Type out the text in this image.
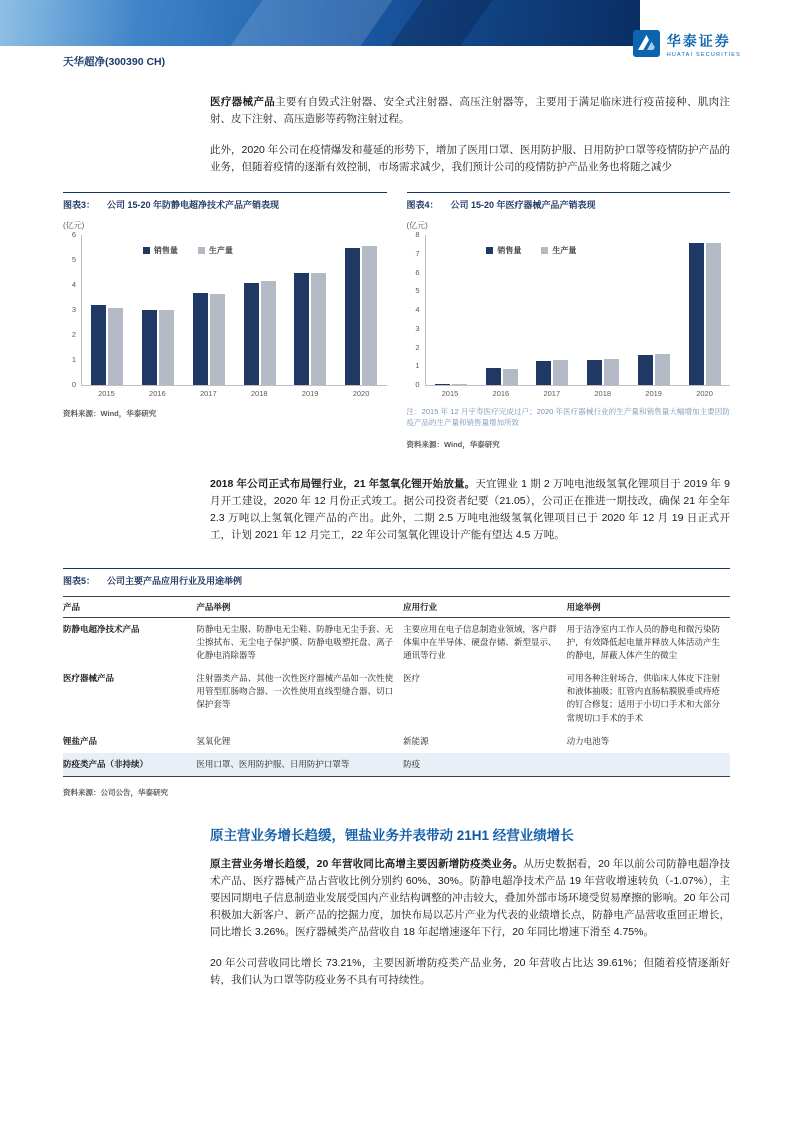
华泰证券
HUATAI SECURITIES
天华超净(300390 CH)

医疗器械产品主要有自毁式注射器、安全式注射器、高压注射器等，主要用于满足临床进行疫苗接种、肌肉注射、皮下注射、高压造影等药物注射过程。

此外，2020 年公司在疫情爆发和蔓延的形势下，增加了医用口罩、医用防护服、日用防护口罩等疫情防护产品的业务，但随着疫情的逐渐有效控制，市场需求减少，我们预计公司的疫情防护产品业务也将随之减少

图表3： 公司 15-20 年防静电超净技术产品产销表现
(亿元)
0
1
2
3
4
5
6
销售量	生产量
2015	2016	2017	2018	2019	2020
资料来源：Wind，华泰研究
图表4： 公司 15-20 年医疗器械产品产销表现
(亿元)
0
1
2
3
4
5
6
7
8
销售量	生产量
2015	2016	2017	2018	2019	2020
注：2015 年 12 月宇寿医疗完成过户；2020 年医疗器械行业的生产量和销售量大幅增加主要因防疫产品的生产量和销售量增加所致
资料来源：Wind，华泰研究

2018 年公司正式布局锂行业，21 年氢氧化锂开始放量。天宜锂业 1 期 2 万吨电池级氢氧化锂项目于 2019 年 9 月开工建设，2020 年 12 月份正式竣工。据公司投资者纪要（21.05），公司正在推进一期技改，确保 21 年全年 2.3 万吨以上氢氧化锂产品的产出。此外，二期 2.5 万吨电池级氢氧化锂项目已于 2020 年 12 月 19 日正式开工，计划 2021 年 12 月完工，22 年公司氢氧化锂设计产能有望达 4.5 万吨。

图表5： 公司主要产品应用行业及用途举例
产品	产品举例	应用行业	用途举例
防静电超净技术产品	防静电无尘服、防静电无尘鞋、防静电无尘手套、无尘擦拭布、无尘电子保护膜、防静电吸塑托盘、离子化静电消除器等	主要应用在电子信息制造业领域，客户群体集中在半导体、硬盘存储、新型显示、通讯等行业	用于洁净室内工作人员的静电和微污染防护，有效降低起电量并释放人体活动产生的静电，屏蔽人体产生的微尘
医疗器械产品	注射器类产品、其他一次性医疗器械产品如一次性使用管型肛肠吻合器、一次性使用直线型缝合器、切口保护套等	医疗	可用各种注射场合，供临床人体皮下注射和液体抽吸；肛管内直肠粘膜脱垂或痔疮的钉合修复；适用于小切口手术和大部分常规切口手术的手术
锂盐产品	氢氧化锂	新能源	动力电池等
防疫类产品（非持续）	医用口罩、医用防护服、日用防护口罩等	防疫	
资料来源：公司公告，华泰研究
原主营业务增长趋缓，锂盐业务并表带动 21H1 经营业绩增长

原主营业务增长趋缓，20 年营收同比高增主要因新增防疫类业务。从历史数据看，20 年以前公司防静电超净技术产品、医疗器械产品占营收比例分别约 60%、30%。防静电超净技术产品 19 年营收增速转负（-1.07%），主要因同期电子信息制造业发展受国内产业结构调整的冲击较大，叠加外部市场环境受贸易摩擦的影响。20 年公司积极加大新客户、新产品的挖掘力度，加快布局以芯片产业为代表的业绩增长点，防静电产品营收重回正增长，同比增长 3.26%。医疗器械类产品营收自 18 年起增速逐年下行，20 年同比增速下滑至 4.75%。

20 年公司营收同比增长 73.21%，主要因新增防疫类产品业务，20 年营收占比达 39.61%；但随着疫情逐渐好转，我们认为口罩等防疫业务不具有可持续性。
